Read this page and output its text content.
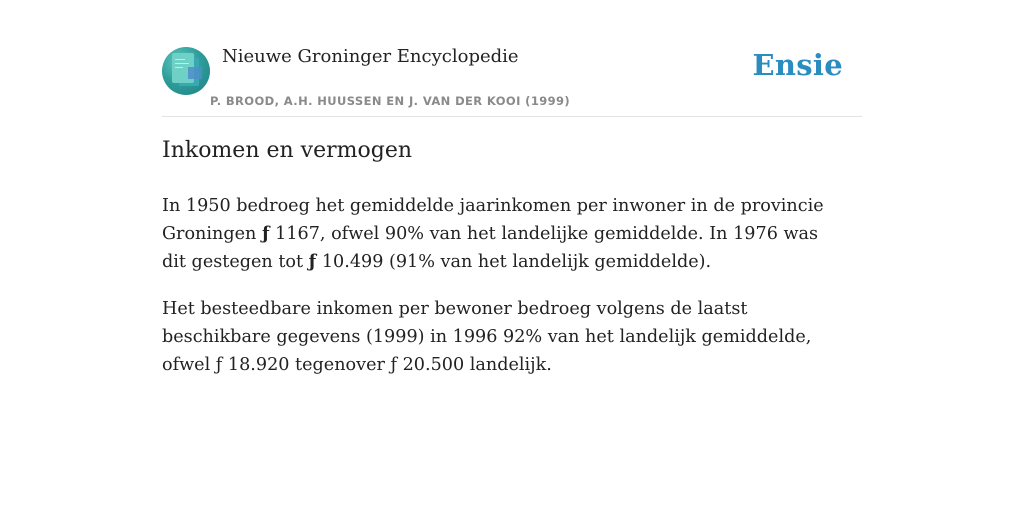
Nieuwe Groninger Encyclopedie
P. BROOD, A.H. HUUSSEN EN J. VAN DER KOOI (1999)
Ensie
Inkomen en vermogen

In 1950 bedroeg het gemiddelde jaarinkomen per inwoner in de provincie Groningen ƒ 1167, ofwel 90% van het landelijke gemiddelde. In 1976 was dit gestegen tot ƒ 10.499 (91% van het landelijk gemiddelde).

Het besteedbare inkomen per bewoner bedroeg volgens de laatst beschikbare gegevens (1999) in 1996 92% van het landelijk gemiddelde, ofwel ƒ 18.920 tegenover ƒ 20.500 landelijk.
